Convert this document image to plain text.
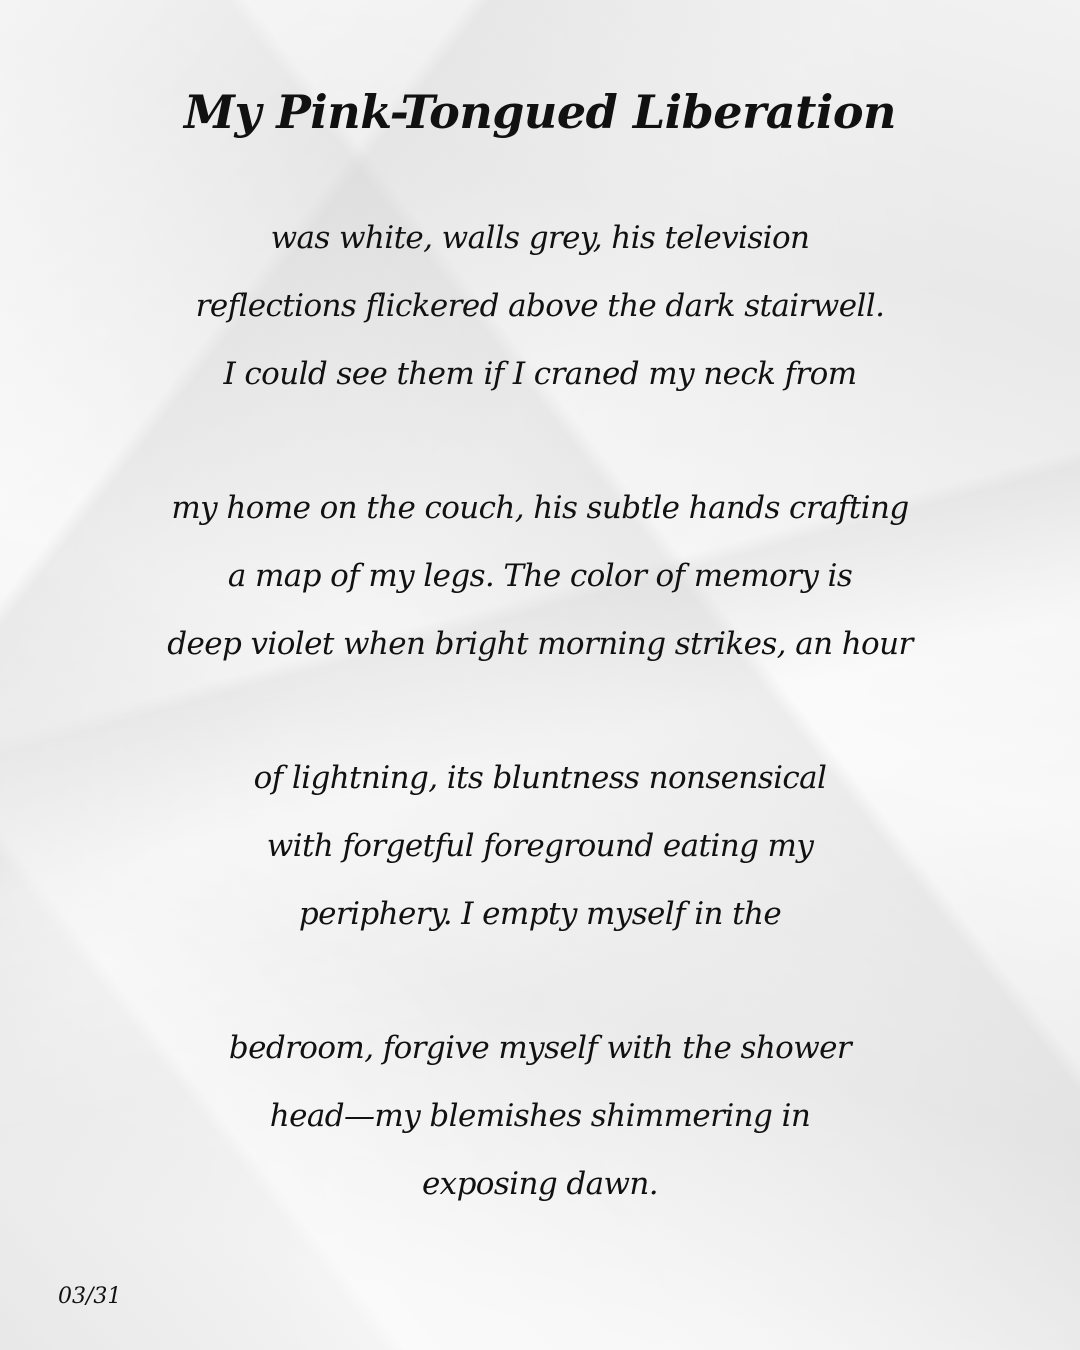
My Pink-Tongued Liberation
was white, walls grey, his television
reflections flickered above the dark stairwell.
I could see them if I craned my neck from
my home on the couch, his subtle hands crafting
a map of my legs. The color of memory is
deep violet when bright morning strikes, an hour
of lightning, its bluntness nonsensical
with forgetful foreground eating my
periphery. I empty myself in the
bedroom, forgive myself with the shower
head—my blemishes shimmering in
exposing dawn.
03/31
